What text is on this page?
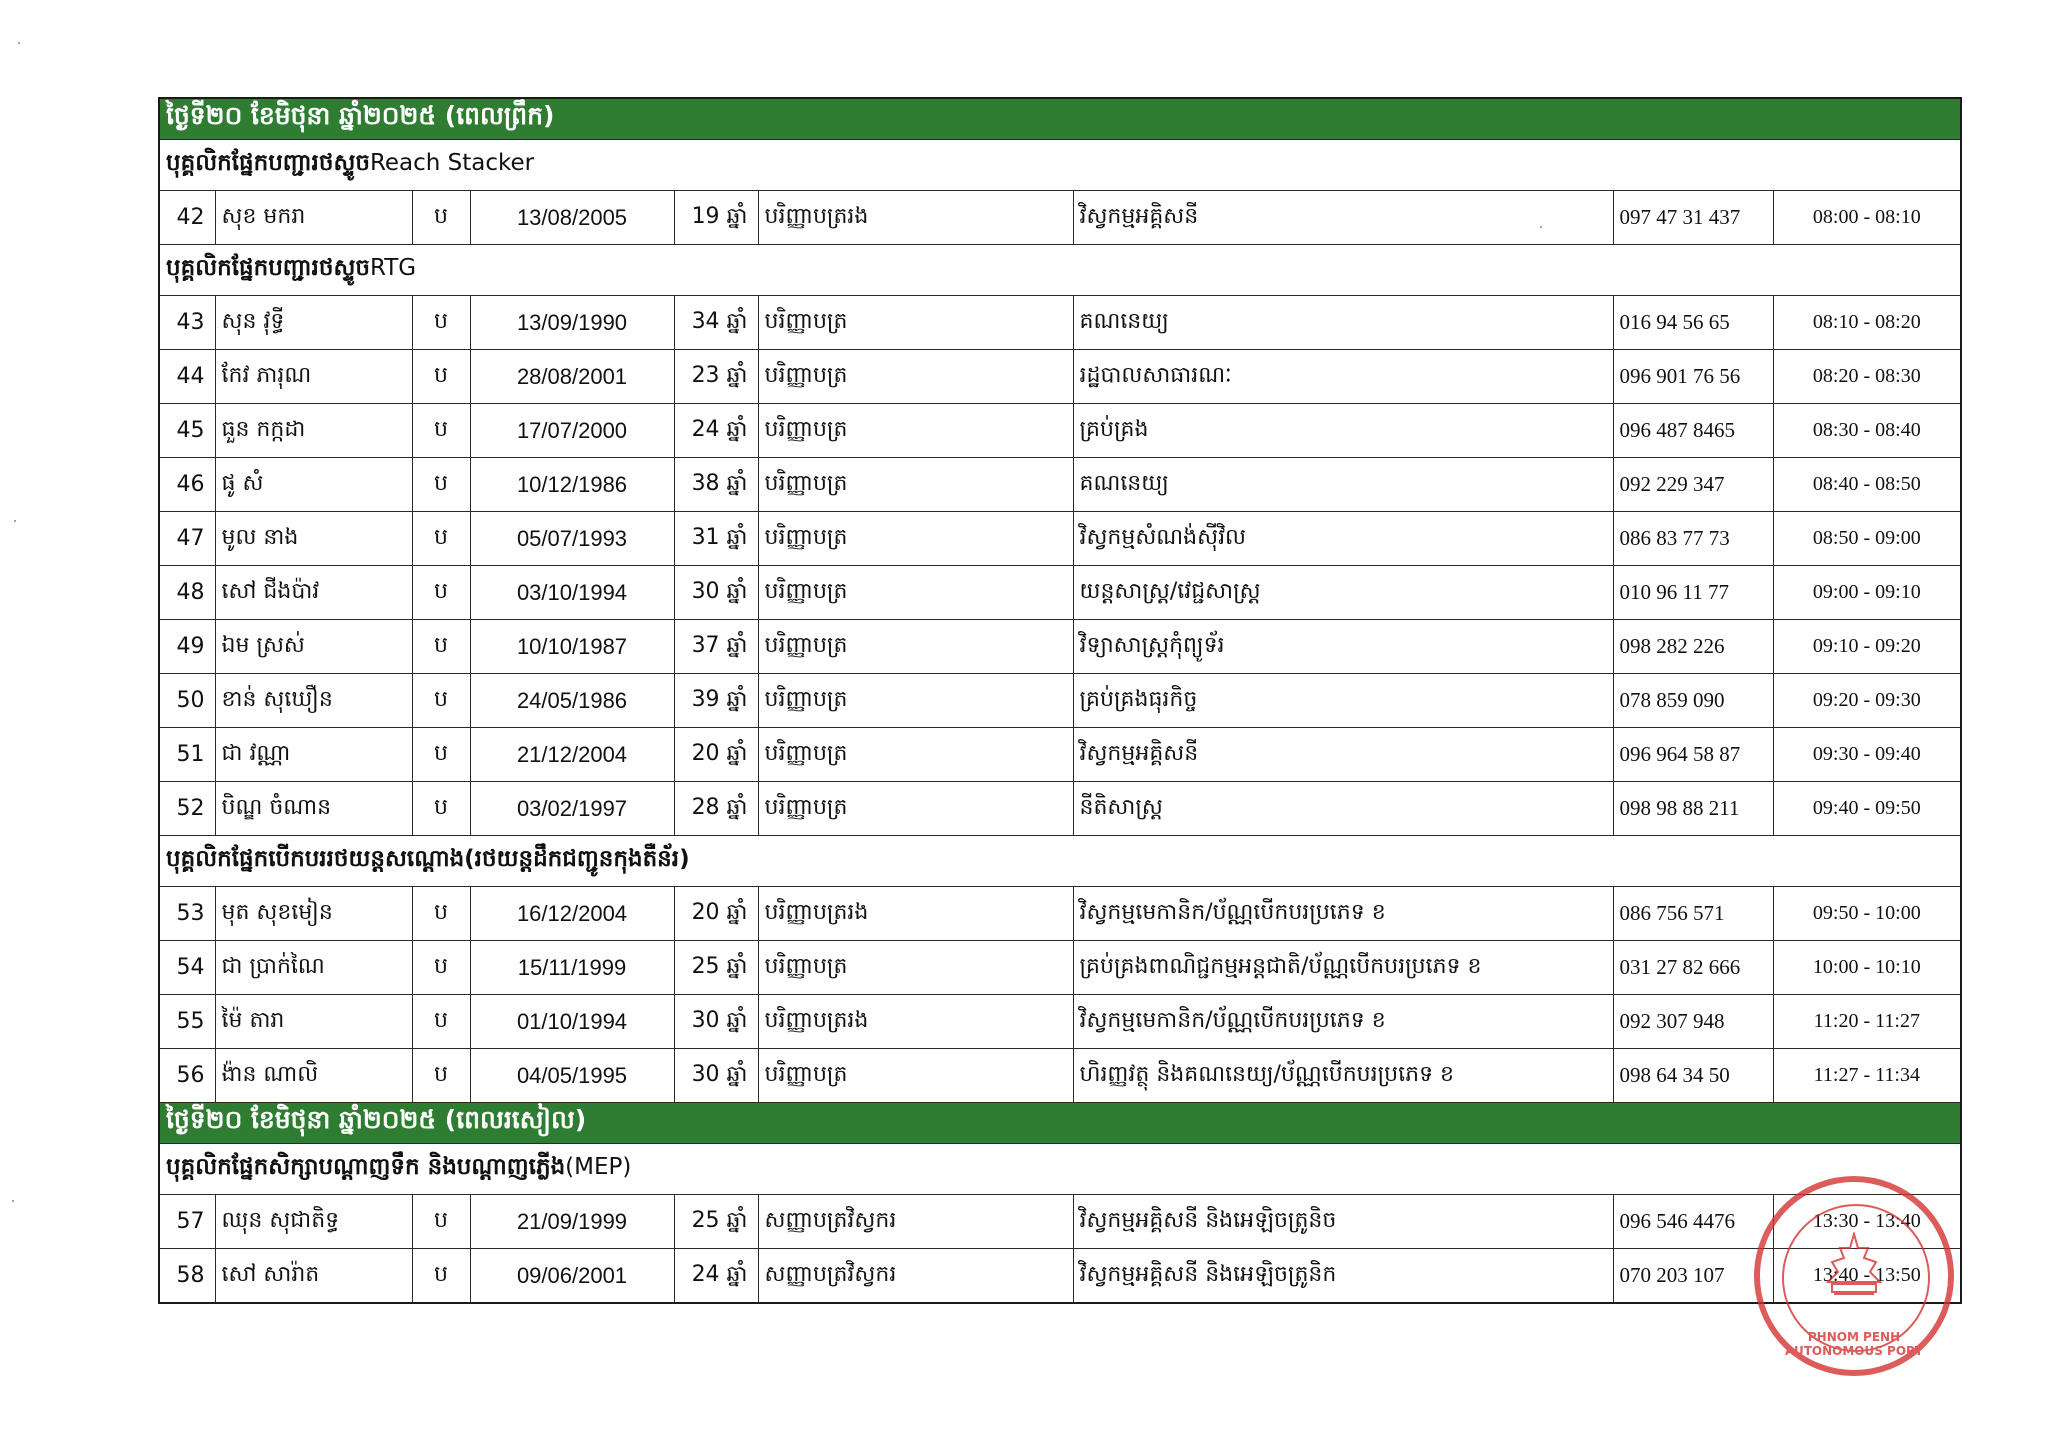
ថ្ងៃទី២០ ខែមិថុនា ឆ្នាំ២០២៥ (ពេលព្រឹក)								
បុគ្គលិកផ្នែកបញ្ជារថស្ទូចReach Stacker								
42	សុខ មករា	ប	13/08/2005	19 ឆ្នាំ	បរិញ្ញាបត្ររង	វិស្វកម្មអគ្គិសនី	097 47 31 437	08:00 - 08:10
បុគ្គលិកផ្នែកបញ្ជារថស្ទូចRTG								
43	សុន វុទ្ធី	ប	13/09/1990	34 ឆ្នាំ	បរិញ្ញាបត្រ	គណនេយ្យ	016 94 56 65	08:10 - 08:20
44	កែវ ភារុណ	ប	28/08/2001	23 ឆ្នាំ	បរិញ្ញាបត្រ	រដ្ឋបាលសាធារណៈ	096 901 76 56	08:20 - 08:30
45	ធួន កក្កដា	ប	17/07/2000	24 ឆ្នាំ	បរិញ្ញាបត្រ	គ្រប់គ្រង	096 487 8465	08:30 - 08:40
46	ផូ សំ	ប	10/12/1986	38 ឆ្នាំ	បរិញ្ញាបត្រ	គណនេយ្យ	092 229 347	08:40 - 08:50
47	មូល នាង	ប	05/07/1993	31 ឆ្នាំ	បរិញ្ញាបត្រ	វិស្វកម្មសំណង់ស៊ីវិល	086 83 77 73	08:50 - 09:00
48	សៅ ជីងប៉ាវ	ប	03/10/1994	30 ឆ្នាំ	បរិញ្ញាបត្រ	យន្តសាស្ត្រ/វេជ្ជសាស្ត្រ	010 96 11 77	09:00 - 09:10
49	ឯម ស្រស់	ប	10/10/1987	37 ឆ្នាំ	បរិញ្ញាបត្រ	វិទ្យាសាស្ត្រកុំព្យូទ័រ	098 282 226	09:10 - 09:20
50	ខាន់ សុឃឿន	ប	24/05/1986	39 ឆ្នាំ	បរិញ្ញាបត្រ	គ្រប់គ្រងធុរកិច្ច	078 859 090	09:20 - 09:30
51	ជា វណ្ណា	ប	21/12/2004	20 ឆ្នាំ	បរិញ្ញាបត្រ	វិស្វកម្មអគ្គិសនី	096 964 58 87	09:30 - 09:40
52	បិណ្ឌ ចំណាន	ប	03/02/1997	28 ឆ្នាំ	បរិញ្ញាបត្រ	នីតិសាស្ត្រ	098 98 88 211	09:40 - 09:50
បុគ្គលិកផ្នែកបើកបររថយន្តសណ្តោង(រថយន្តដឹកជញ្ជូនកុងតឺន័រ)								
53	មុត សុខមៀន	ប	16/12/2004	20 ឆ្នាំ	បរិញ្ញាបត្ររង	វិស្វកម្មមេកានិក/ប័ណ្ណបើកបរប្រភេទ ខ	086 756 571	09:50 - 10:00
54	ជា ប្រាក់ណៃ	ប	15/11/1999	25 ឆ្នាំ	បរិញ្ញាបត្រ	គ្រប់គ្រងពាណិជ្ជកម្មអន្តជាតិ/ប័ណ្ណបើកបរប្រភេទ ខ	031 27 82 666	10:00 - 10:10
55	ម៉ៃ តារា	ប	01/10/1994	30 ឆ្នាំ	បរិញ្ញាបត្ររង	វិស្វកម្មមេកានិក/ប័ណ្ណបើកបរប្រភេទ ខ	092 307 948	11:20 - 11:27
56	ង៉ាន ណាលិ	ប	04/05/1995	30 ឆ្នាំ	បរិញ្ញាបត្រ	ហិរញ្ញវត្ថុ និងគណនេយ្យ/ប័ណ្ណបើកបរប្រភេទ ខ	098 64 34 50	11:27 - 11:34
ថ្ងៃទី២០ ខែមិថុនា ឆ្នាំ២០២៥ (ពេលរសៀល)								
បុគ្គលិកផ្នែកសិក្សាបណ្តាញទឹក និងបណ្តាញភ្លើង(MEP)								
57	ឈុន សុជាតិទ្ធ	ប	21/09/1999	25 ឆ្នាំ	សញ្ញាបត្រវិស្វករ	វិស្វកម្មអគ្គិសនី និងអេឡិចត្រូនិច	096 546 4476	13:30 - 13:40
58	សៅ សារ៉ាត	ប	09/06/2001	24 ឆ្នាំ	សញ្ញាបត្រវិស្វករ	វិស្វកម្មអគ្គិសនី និងអេឡិចត្រូនិក	070 203 107	13:40 - 13:50
PHNOM PENH AUTONOMOUS PORT
